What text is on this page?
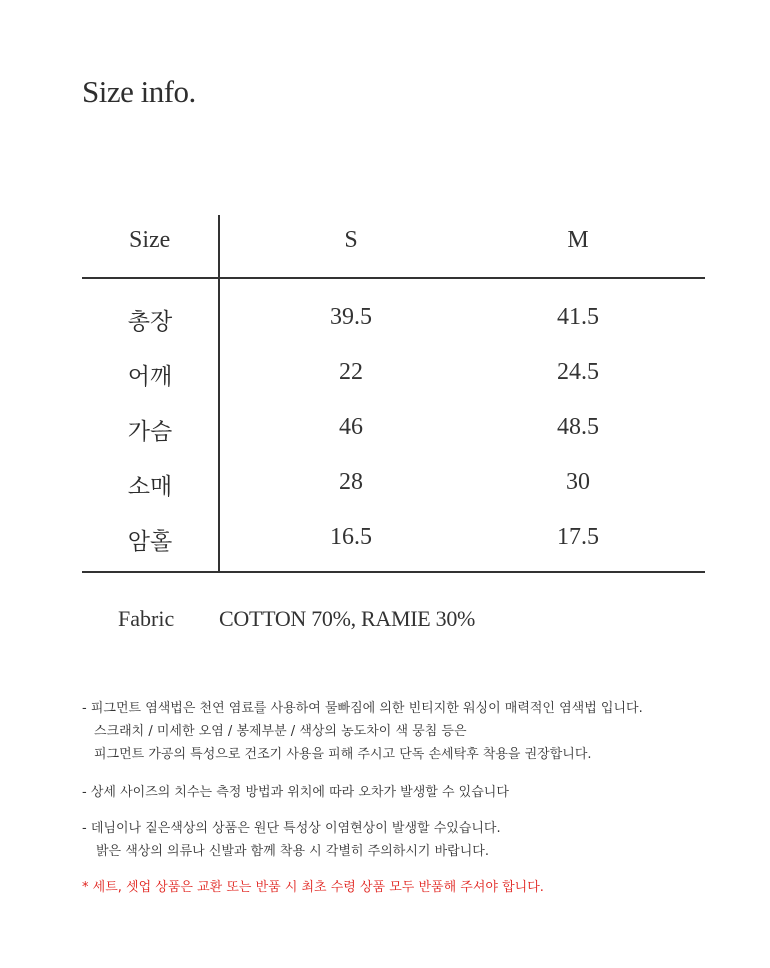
Size info.
Size	S	M
총장	39.5	41.5
어깨	22	24.5
가슴	46	48.5
소매	28	30
암홀	16.5	17.5
Fabric COTTON 70%, RAMIE 30%
- 피그먼트 염색법은 천연 염료를 사용하여 물빠짐에 의한 빈티지한 워싱이 매력적인 염색법 입니다.
스크래치 / 미세한 오염 / 봉제부분 / 색상의 농도차이 색 뭉침 등은
피그먼트 가공의 특성으로 건조기 사용을 피해 주시고 단독 손세탁후 착용을 권장합니다.
- 상세 사이즈의 치수는 측정 방법과 위치에 따라 오차가 발생할 수 있습니다
- 데님이나 짙은색상의 상품은 원단 특성상 이염현상이 발생할 수있습니다.
밝은 색상의 의류나 신발과 함께 착용 시 각별히 주의하시기 바랍니다.
* 세트, 셋업 상품은 교환 또는 반품 시 최초 수령 상품 모두 반품해 주셔야 합니다.
